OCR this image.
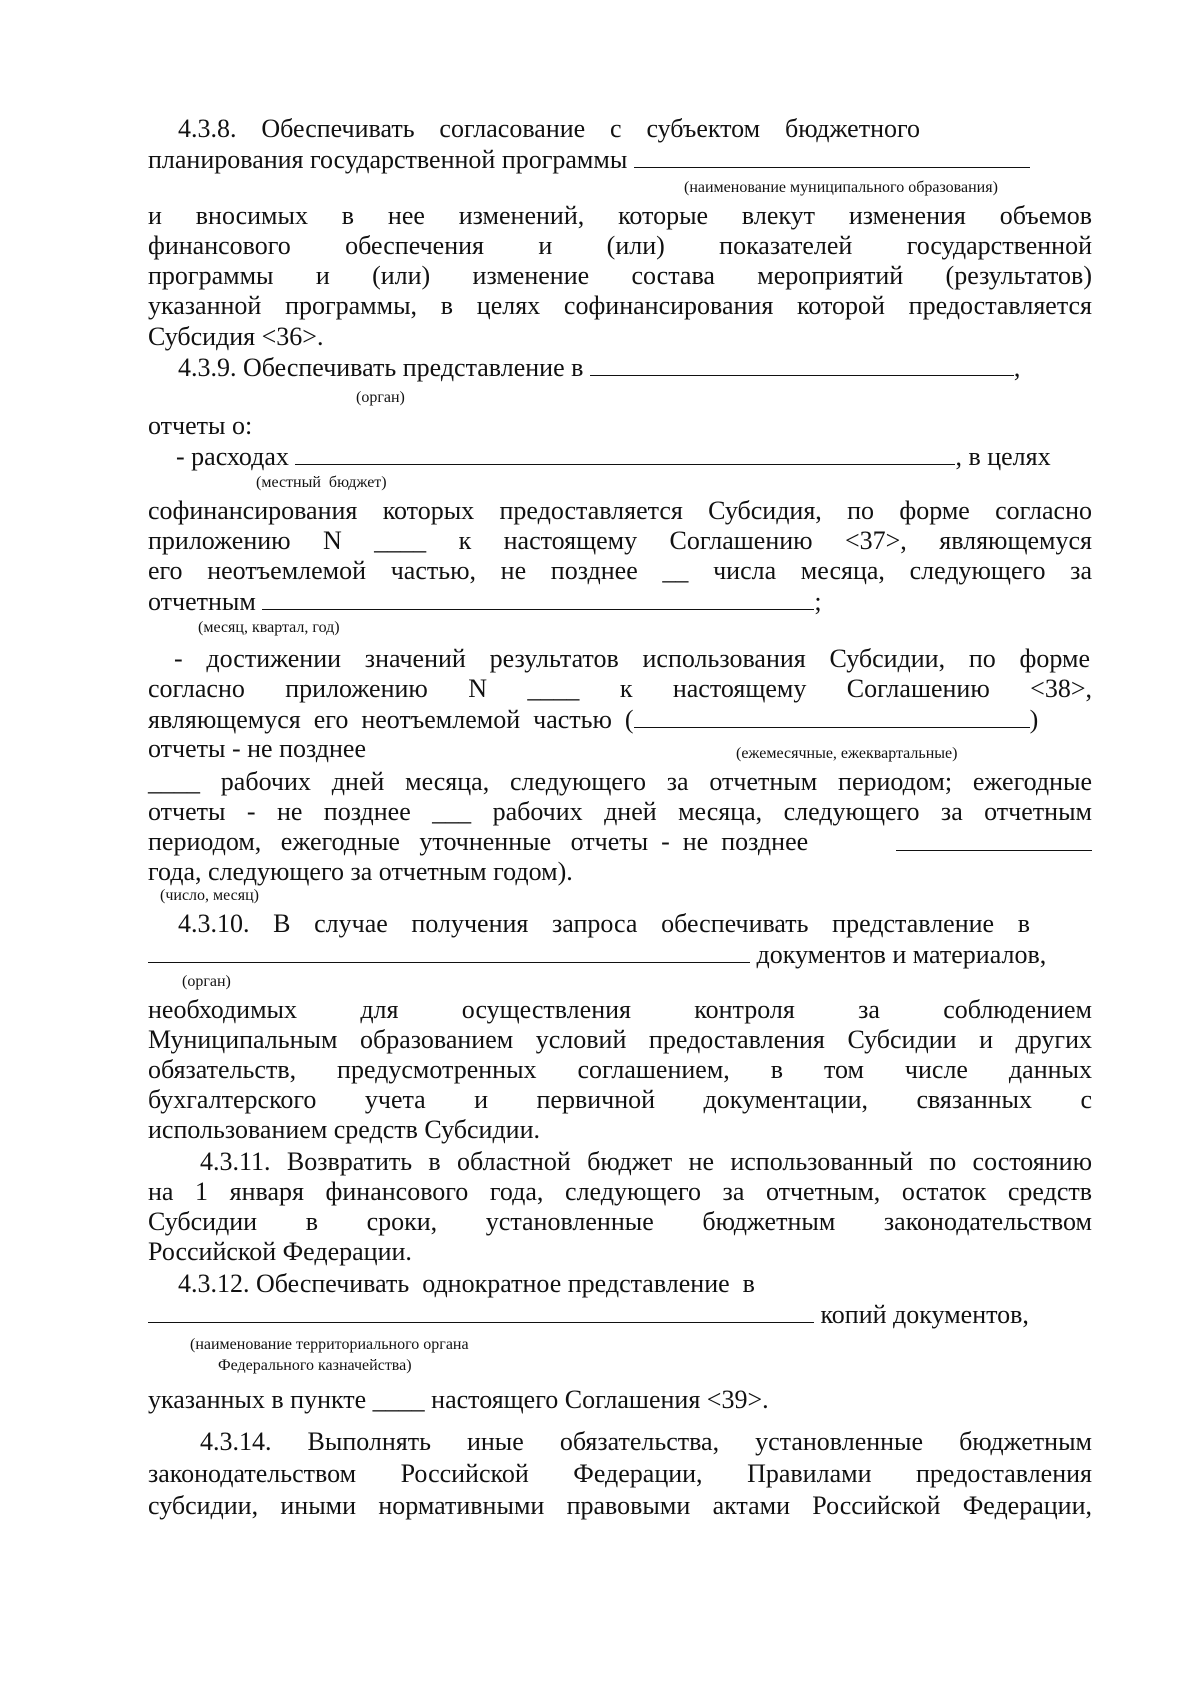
4.3.8. Обеспечивать согласование с субъектом бюджетного
планирования государственной программы
(наименование муниципального образования)
и вносимых в нее изменений, которые влекут изменения объемов
финансового обеспечения и (или) показателей государственной
программы и (или) изменение состава мероприятий (результатов)
указанной программы, в целях софинансирования которой предоставляется
Субсидия <36>.
4.3.9. Обеспечивать представление в	,
(орган)
отчеты о:
- расходах	, в целях
(местный  бюджет)
софинансирования которых предоставляется Субсидия, по форме согласно
приложению N ____ к настоящему Соглашению <37>, являющемуся
его неотъемлемой частью, не позднее __ числа месяца, следующего за
отчетным	;
(месяц, квартал, год)
- достижении значений результатов использования Субсидии, по форме
согласно приложению N ____ к настоящему Соглашению <38>,
являющемуся  его  неотъемлемой  частью  (	)
отчеты - не позднее	(ежемесячные, ежеквартальные)
____ рабочих дней месяца, следующего за отчетным периодом; ежегодные
отчеты - не позднее ___ рабочих дней месяца, следующего за отчетным
периодом,   ежегодные   уточненные   отчеты  -  не  позднее
года, следующего за отчетным годом).
(число, месяц)
4.3.10. В случае получения запроса обеспечивать представление в
документов и материалов,
(орган)
необходимых для осуществления контроля за соблюдением
Муниципальным образованием условий предоставления Субсидии и других
обязательств, предусмотренных соглашением, в том числе данных
бухгалтерского учета и первичной документации, связанных с
использованием средств Субсидии.
4.3.11. Возвратить в областной бюджет не использованный по состоянию
на 1 января финансового года, следующего за отчетным, остаток средств
Субсидии в сроки, установленные бюджетным законодательством
Российской Федерации.
4.3.12. Обеспечивать  однократное представление  в
копий документов,
(наименование территориального органа
Федерального казначейства)
указанных в пункте ____ настоящего Соглашения <39>.
4.3.14. Выполнять иные обязательства, установленные бюджетным
законодательством Российской Федерации, Правилами предоставления
субсидии, иными нормативными правовыми актами Российской Федерации,
